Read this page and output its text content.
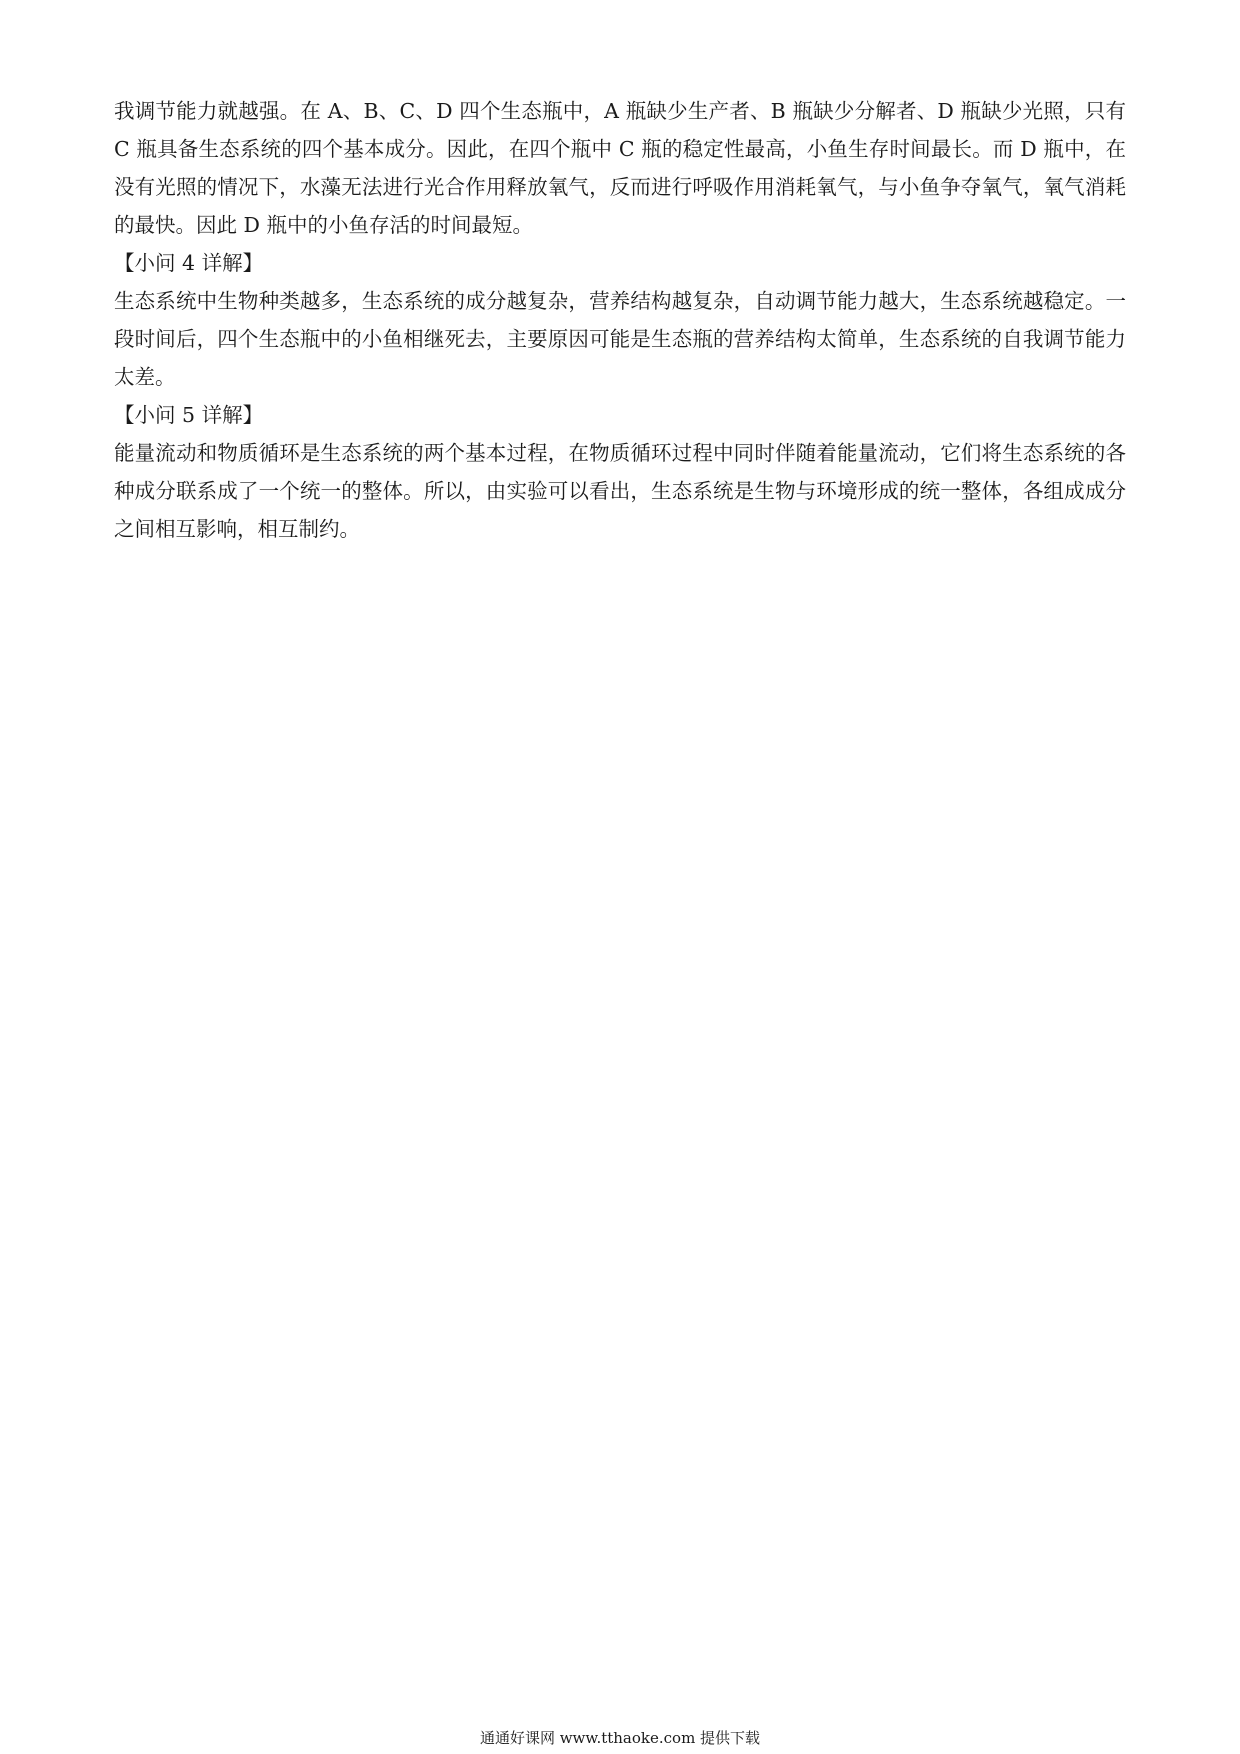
我调节能力就越强。在 A、B、C、D 四个生态瓶中，A 瓶缺少生产者、B 瓶缺少分解者、D 瓶缺少光照，只有 C 瓶具备生态系统的四个基本成分。因此，在四个瓶中 C 瓶的稳定性最高，小鱼生存时间最长。而 D 瓶中，在没有光照的情况下，水藻无法进行光合作用释放氧气，反而进行呼吸作用消耗氧气，与小鱼争夺氧气，氧气消耗的最快。因此 D 瓶中的小鱼存活的时间最短。

【小问 4 详解】

生态系统中生物种类越多，生态系统的成分越复杂，营养结构越复杂，自动调节能力越大，生态系统越稳定。一段时间后，四个生态瓶中的小鱼相继死去，主要原因可能是生态瓶的营养结构太简单，生态系统的自我调节能力太差。

【小问 5 详解】

能量流动和物质循环是生态系统的两个基本过程，在物质循环过程中同时伴随着能量流动，它们将生态系统的各种成分联系成了一个统一的整体。所以，由实验可以看出，生态系统是生物与环境形成的统一整体，各组成成分之间相互影响，相互制约。

通通好课网 www.tthaoke.com 提供下载
